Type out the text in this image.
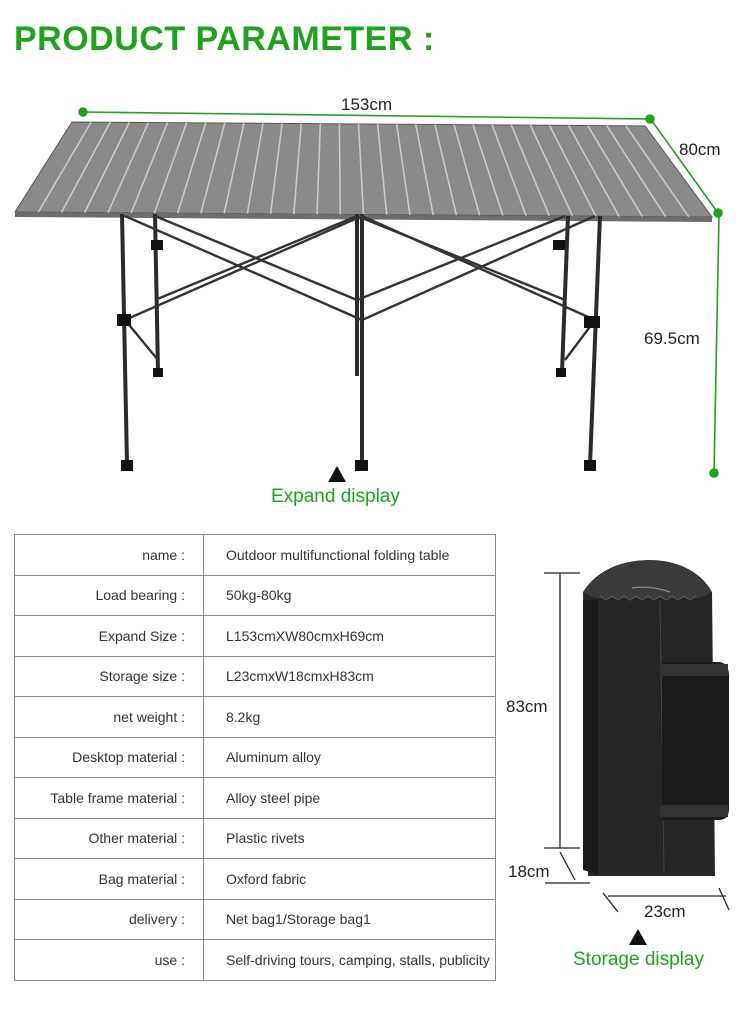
PRODUCT PARAMETER :
153cm
80cm
69.5cm
Expand display
name :	Outdoor multifunctional folding table
Load bearing :	50kg-80kg
Expand Size :	L153cmXW80cmxH69cm
Storage size :	L23cmxW18cmxH83cm
net weight :	8.2kg
Desktop material :	Aluminum alloy
Table frame material :	Alloy steel pipe
Other material :	Plastic rivets
Bag material :	Oxford fabric
delivery :	Net bag1/Storage bag1
use :	Self-driving tours, camping, stalls, publicity
83cm
18cm
23cm
Storage display
